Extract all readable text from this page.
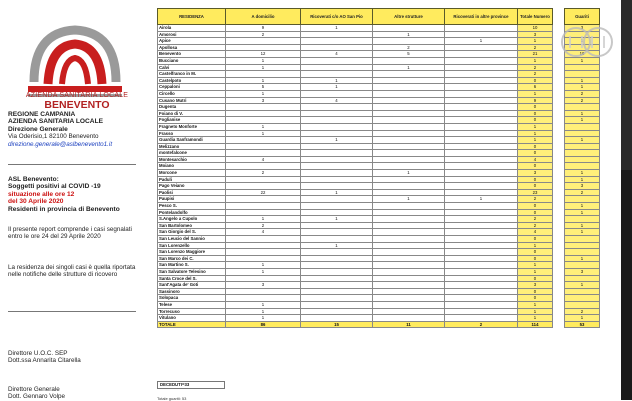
AZIENDA SANITARIA LOCALE
BENEVENTO
REGIONE CAMPANIA
AZIENDA SANITARIA LOCALE
Direzione Generale
Via Oderisio,1 82100 Benevento
direzione.generale@aslbenevento1.it
ASL Benevento:
Soggetti positivi al COVID -19
situazione alle ore 12
del 30 Aprile 2020
Residenti in provincia di Benevento
Il presente report comprende i casi segnalati entro le ore 24 del 29 Aprile 2020
La residenza dei singoli casi è quella riportata nelle notifiche delle strutture di ricovero
Direttore U.O.C. SEP
Dott.ssa Annarita Citarella
Direttore Generale
Dott. Gennaro Volpe
RESIDENZA	A domicilio	Ricoverati c/o AO San Pio	Altre strutture	Ricoverati in altre province	Totale Numero		Guariti
Airola	9	1			10		3
Amorosi	2		1		3		
Apice				1	1		
Apollosa			2		2		
Benevento	12	4	5		21		16
Bucciano	1				1		1
Calvi	1		1		2		
Castelfranco in M.					2		
Castelpoto	1	1			0		1
Ceppaloni	5	1			6		1
Circello	1				1		2
Cusano Mutri	3	4			9		2
Dugenta					0		
Foiano di V.					0		1
Foglianise					0		1
Fragneto Monforte	1				1		
Frasso	1				1		
Guardia Sanframondi		1			1		1
Melizzano					0		
montefalcone					0		
Montesarchio	4				4		
Moiano					0		
Morcone	2		1		3		1
Paduli					0		1
Pago Veiano					0		3
Paolisi	22	1			23		2
Paupisi			1	1	2		
Pesco S.					0		1
Pontelandolfo					0		1
S.Angelo a Cupolo	1	1			2		
San Bartolomeo	2				2		1
San Giorgio del S.	4				4		1
San Leucio del Sannio					0		
San Lorenzello		1			1		
San Lorenzo Maggiore					0		
San Marco dei C.					0		1
San Martino S.	1				1		
San Salvatore Telesino	1				1		3
Santa Croce del S.					0		
Sant'Agata de' Goti	3				3		1
Sassinoro					0		
Solopaca					0		
Telese	1				1		
Torrecuso	1				1		2
Vitulano	1				1		1
TOTALE	86	15	11	2	114		53
DECEDUTI=33
Totale guariti: 53
